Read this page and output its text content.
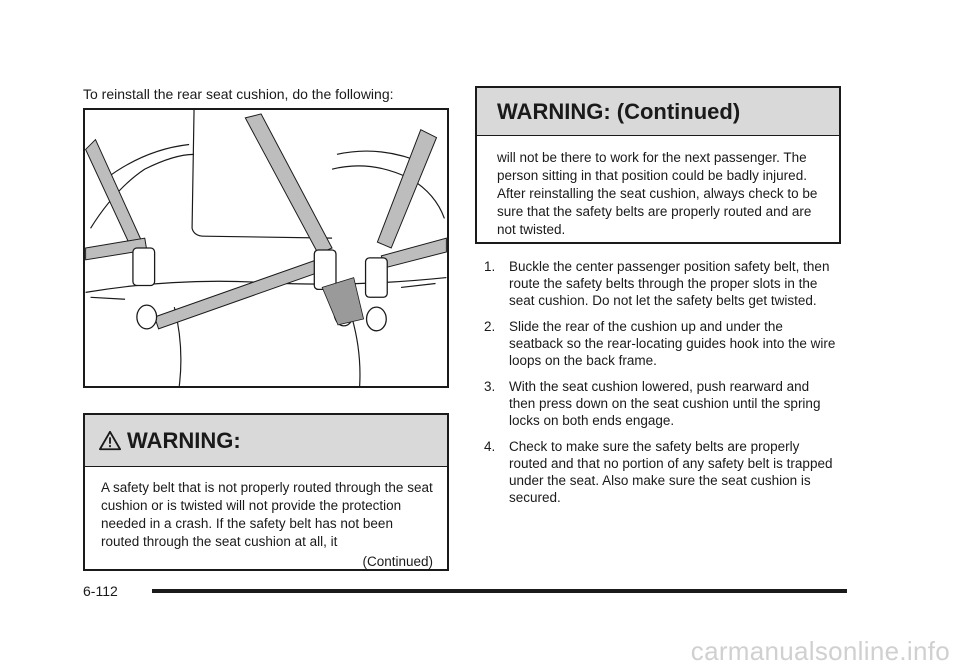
To reinstall the rear seat cushion, do the following:

WARNING:

A safety belt that is not properly routed through the seat cushion or is twisted will not provide the protection needed in a crash. If the safety belt has not been routed through the seat cushion at all, it

(Continued)

WARNING: (Continued)

will not be there to work for the next passenger. The person sitting in that position could be badly injured. After reinstalling the seat cushion, always check to be sure that the safety belts are properly routed and are not twisted.

1. Buckle the center passenger position safety belt, then route the safety belts through the proper slots in the seat cushion. Do not let the safety belts get twisted.
2. Slide the rear of the cushion up and under the seatback so the rear-locating guides hook into the wire loops on the back frame.
3. With the seat cushion lowered, push rearward and then press down on the seat cushion until the spring locks on both ends engage.
4. Check to make sure the safety belts are properly routed and that no portion of any safety belt is trapped under the seat. Also make sure the seat cushion is secured.
6-112
carmanualsonline.info
